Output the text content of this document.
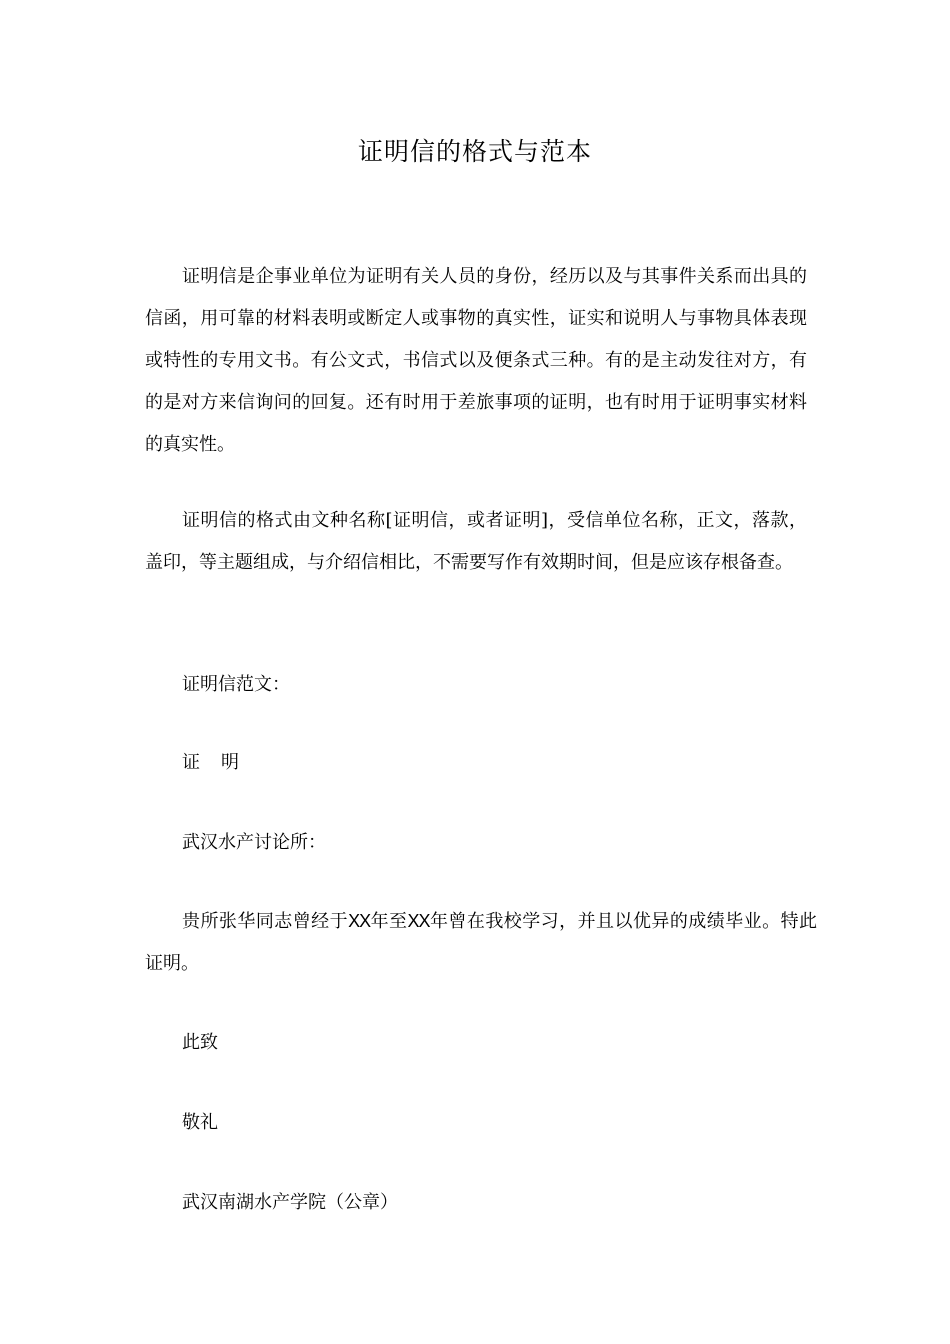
证明信的格式与范本

证明信是企事业单位为证明有关人员的身份，经历以及与其事件关系而出具的信函，用可靠的材料表明或断定人或事物的真实性，证实和说明人与事物具体表现或特性的专用文书。有公文式，书信式以及便条式三种。有的是主动发往对方，有的是对方来信询问的回复。还有时用于差旅事项的证明，也有时用于证明事实材料的真实性。

证明信的格式由文种名称[证明信，或者证明]，受信单位名称，正文，落款，盖印，等主题组成，与介绍信相比，不需要写作有效期时间，但是应该存根备查。

证明信范文：

证明

武汉水产讨论所：

贵所张华同志曾经于XX年至XX年曾在我校学习，并且以优异的成绩毕业。特此证明。

此致

敬礼

武汉南湖水产学院（公章）
